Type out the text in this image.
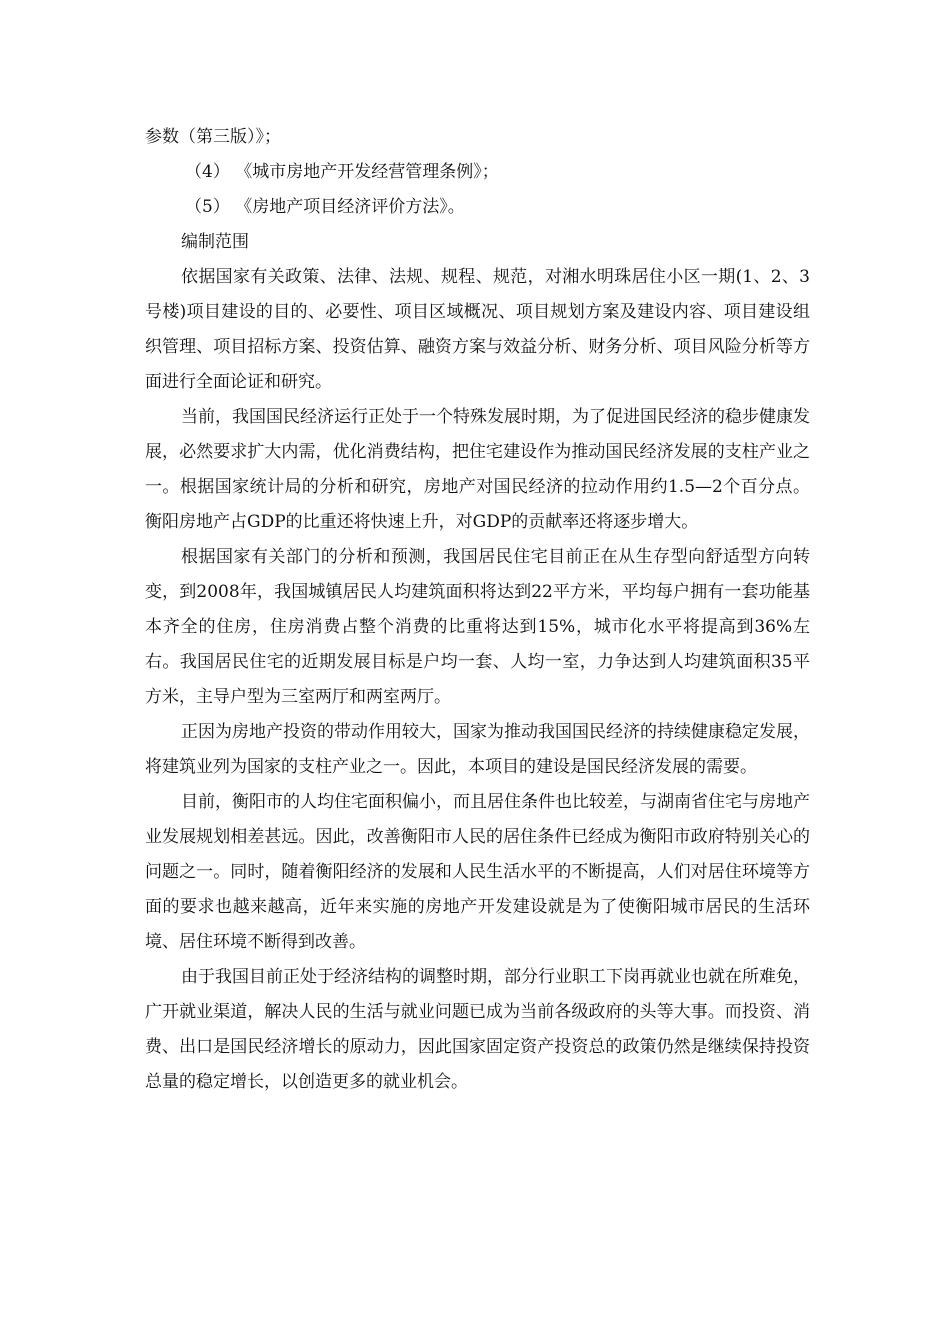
参数（第三版）》；

（4） 《城市房地产开发经营管理条例》；

（5） 《房地产项目经济评价方法》。

编制范围

依据国家有关政策、法律、法规、规程、规范，对湘水明珠居住小区一期(1、2、3号楼)项目建设的目的、必要性、项目区域概况、项目规划方案及建设内容、项目建设组织管理、项目招标方案、投资估算、融资方案与效益分析、财务分析、项目风险分析等方面进行全面论证和研究。

当前，我国国民经济运行正处于一个特殊发展时期，为了促进国民经济的稳步健康发展，必然要求扩大内需，优化消费结构，把住宅建设作为推动国民经济发展的支柱产业之一。根据国家统计局的分析和研究，房地产对国民经济的拉动作用约1.5—2个百分点。衡阳房地产占GDP的比重还将快速上升，对GDP的贡献率还将逐步增大。

根据国家有关部门的分析和预测，我国居民住宅目前正在从生存型向舒适型方向转变，到2008年，我国城镇居民人均建筑面积将达到22平方米，平均每户拥有一套功能基本齐全的住房，住房消费占整个消费的比重将达到15%，城市化水平将提高到36%左右。我国居民住宅的近期发展目标是户均一套、人均一室，力争达到人均建筑面积35平方米，主导户型为三室两厅和两室两厅。

正因为房地产投资的带动作用较大，国家为推动我国国民经济的持续健康稳定发展，将建筑业列为国家的支柱产业之一。因此，本项目的建设是国民经济发展的需要。

目前，衡阳市的人均住宅面积偏小，而且居住条件也比较差，与湖南省住宅与房地产业发展规划相差甚远。因此，改善衡阳市人民的居住条件已经成为衡阳市政府特别关心的问题之一。同时，随着衡阳经济的发展和人民生活水平的不断提高，人们对居住环境等方面的要求也越来越高，近年来实施的房地产开发建设就是为了使衡阳城市居民的生活环境、居住环境不断得到改善。

由于我国目前正处于经济结构的调整时期，部分行业职工下岗再就业也就在所难免，广开就业渠道，解决人民的生活与就业问题已成为当前各级政府的头等大事。而投资、消费、出口是国民经济增长的原动力，因此国家固定资产投资总的政策仍然是继续保持投资总量的稳定增长，以创造更多的就业机会。
